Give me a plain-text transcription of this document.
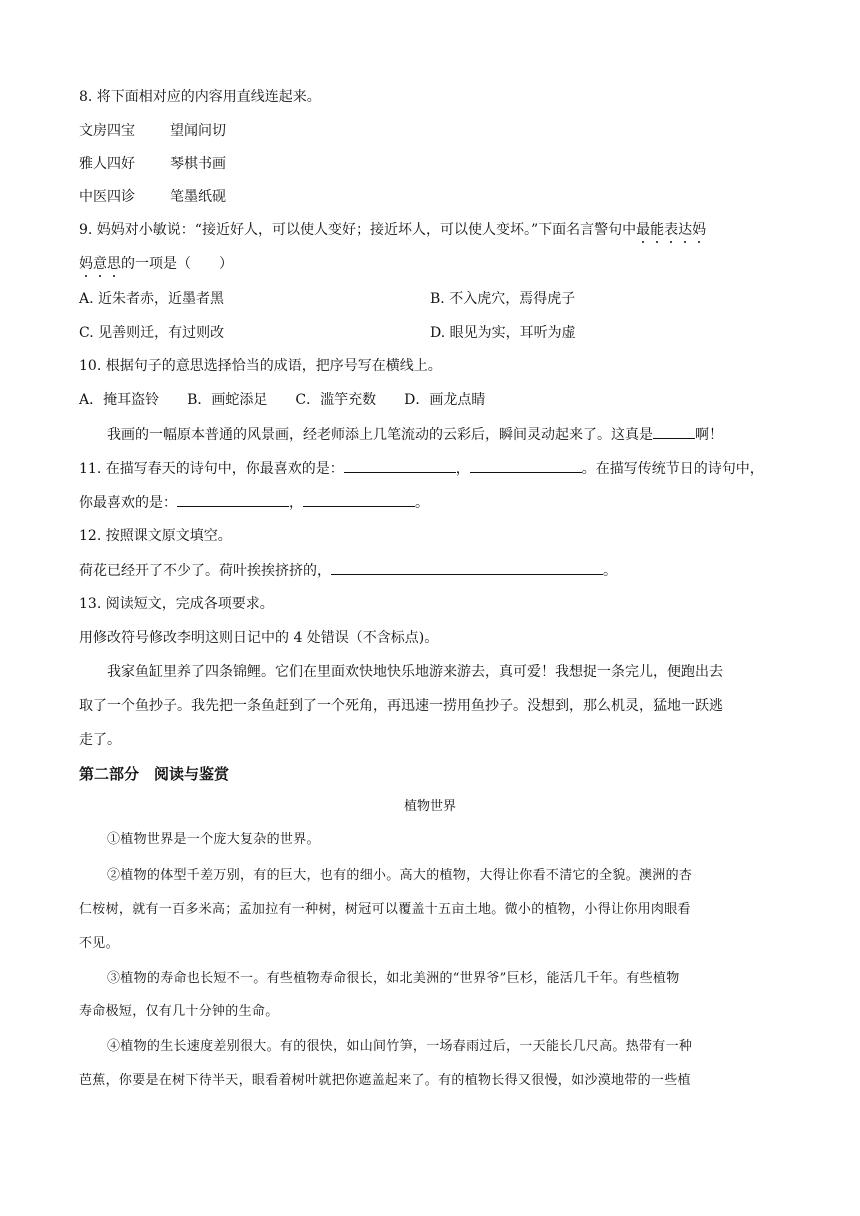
8. 将下面相对应的内容用直线连起来。
文房四宝	望闻问切
雅人四好	琴棋书画
中医四诊	笔墨纸砚
9. 妈妈对小敏说：“接近好人，可以使人变好；接近坏人，可以使人变坏。”下面名言警句中最能表达妈
妈意思的一项是（　　）
A. 近朱者赤，近墨者黑	B. 不入虎穴，焉得虎子
C. 见善则迁，有过则改	D. 眼见为实，耳听为虚
10. 根据句子的意思选择恰当的成语，把序号写在横线上。
A．掩耳盗铃　　B．画蛇添足　　C．滥竽充数　　D．画龙点睛
我画的一幅原本普通的风景画，经老师添上几笔流动的云彩后，瞬间灵动起来了。这真是	啊！
11. 在描写春天的诗句中，你最喜欢的是：	，	。在描写传统节日的诗句中，
你最喜欢的是：	，	。
12. 按照课文原文填空。
荷花已经开了不少了。荷叶挨挨挤挤的，	。
13. 阅读短文，完成各项要求。
用修改符号修改李明这则日记中的 4 处错误（不含标点)。
我家鱼缸里养了四条锦鲤。它们在里面欢快地快乐地游来游去，真可爱！我想捉一条完儿，便跑出去
取了一个鱼抄子。我先把一条鱼赶到了一个死角，再迅速一捞用鱼抄子。没想到，那么机灵，猛地一跃逃
走了。
第二部分　阅读与鉴赏
植物世界
①植物世界是一个庞大复杂的世界。
②植物的体型千差万别，有的巨大，也有的细小。高大的植物，大得让你看不清它的全貌。澳洲的杏
仁桉树，就有一百多米高；孟加拉有一种树，树冠可以覆盖十五亩土地。微小的植物，小得让你用肉眼看
不见。
③植物的寿命也长短不一。有些植物寿命很长，如北美洲的“世界爷”巨杉，能活几千年。有些植物
寿命极短，仅有几十分钟的生命。
④植物的生长速度差别很大。有的很快，如山间竹笋，一场春雨过后，一天能长几尺高。热带有一种
芭蕉，你要是在树下待半天，眼看着树叶就把你遮盖起来了。有的植物长得又很慢，如沙漠地带的一些植
